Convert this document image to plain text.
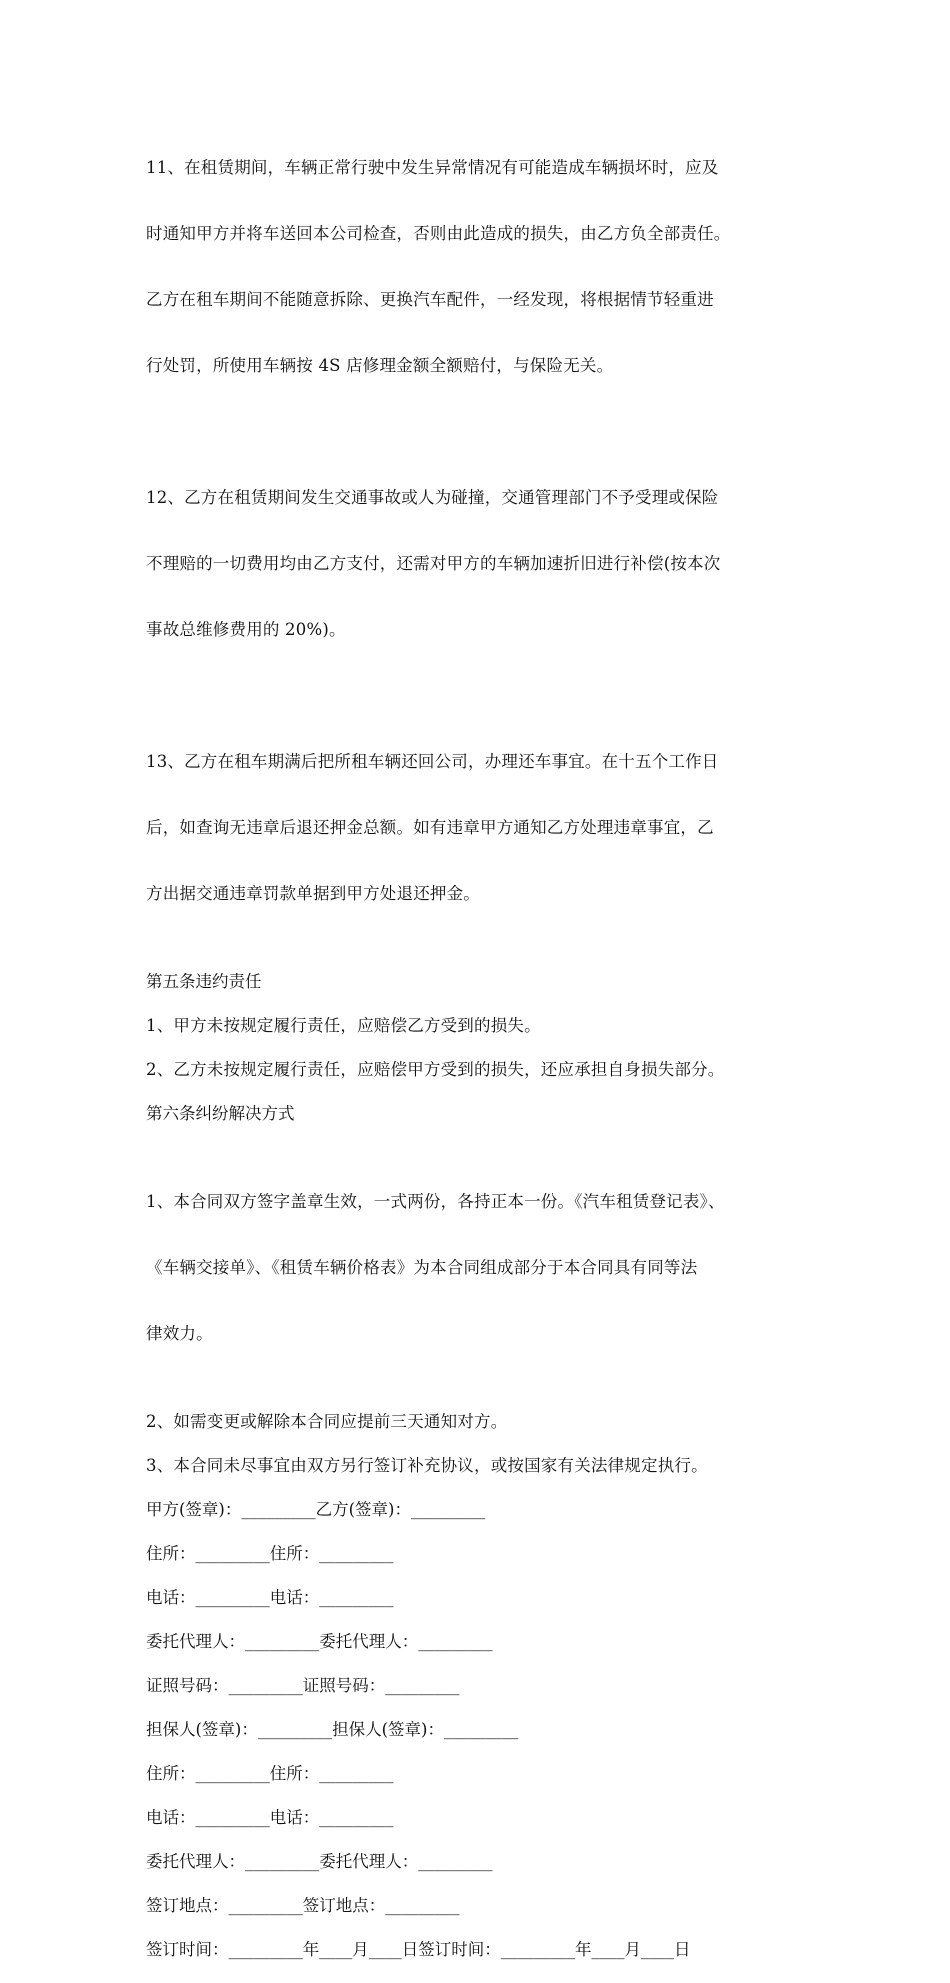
11、在租赁期间，车辆正常行驶中发生异常情况有可能造成车辆损坏时，应及

时通知甲方并将车送回本公司检查，否则由此造成的损失，由乙方负全部责任。

乙方在租车期间不能随意拆除、更换汽车配件，一经发现，将根据情节轻重进

行处罚，所使用车辆按 4S 店修理金额全额赔付，与保险无关。

12、乙方在租赁期间发生交通事故或人为碰撞，交通管理部门不予受理或保险

不理赔的一切费用均由乙方支付，还需对甲方的车辆加速折旧进行补偿(按本次

事故总维修费用的 20%)。

13、乙方在租车期满后把所租车辆还回公司，办理还车事宜。在十五个工作日

后，如查询无违章后退还押金总额。如有违章甲方通知乙方处理违章事宜，乙

方出据交通违章罚款单据到甲方处退还押金。

第五条违约责任

1、甲方未按规定履行责任，应赔偿乙方受到的损失。

2、乙方未按规定履行责任，应赔偿甲方受到的损失，还应承担自身损失部分。

第六条纠纷解决方式

1、本合同双方签字盖章生效，一式两份，各持正本一份。《汽车租赁登记表》、

《车辆交接单》、《租赁车辆价格表》为本合同组成部分于本合同具有同等法

律效力。

2、如需变更或解除本合同应提前三天通知对方。

3、本合同未尽事宜由双方另行签订补充协议，或按国家有关法律规定执行。

甲方(签章)：_________乙方(签章)：_________

住所：_________住所：_________

电话：_________电话：_________

委托代理人：_________委托代理人：_________

证照号码：_________证照号码：_________

担保人(签章)：_________担保人(签章)：_________

住所：_________住所：_________

电话：_________电话：_________

委托代理人：_________委托代理人：_________

签订地点：_________签订地点：_________

签订时间：_________年____月____日签订时间：_________年____月____日
